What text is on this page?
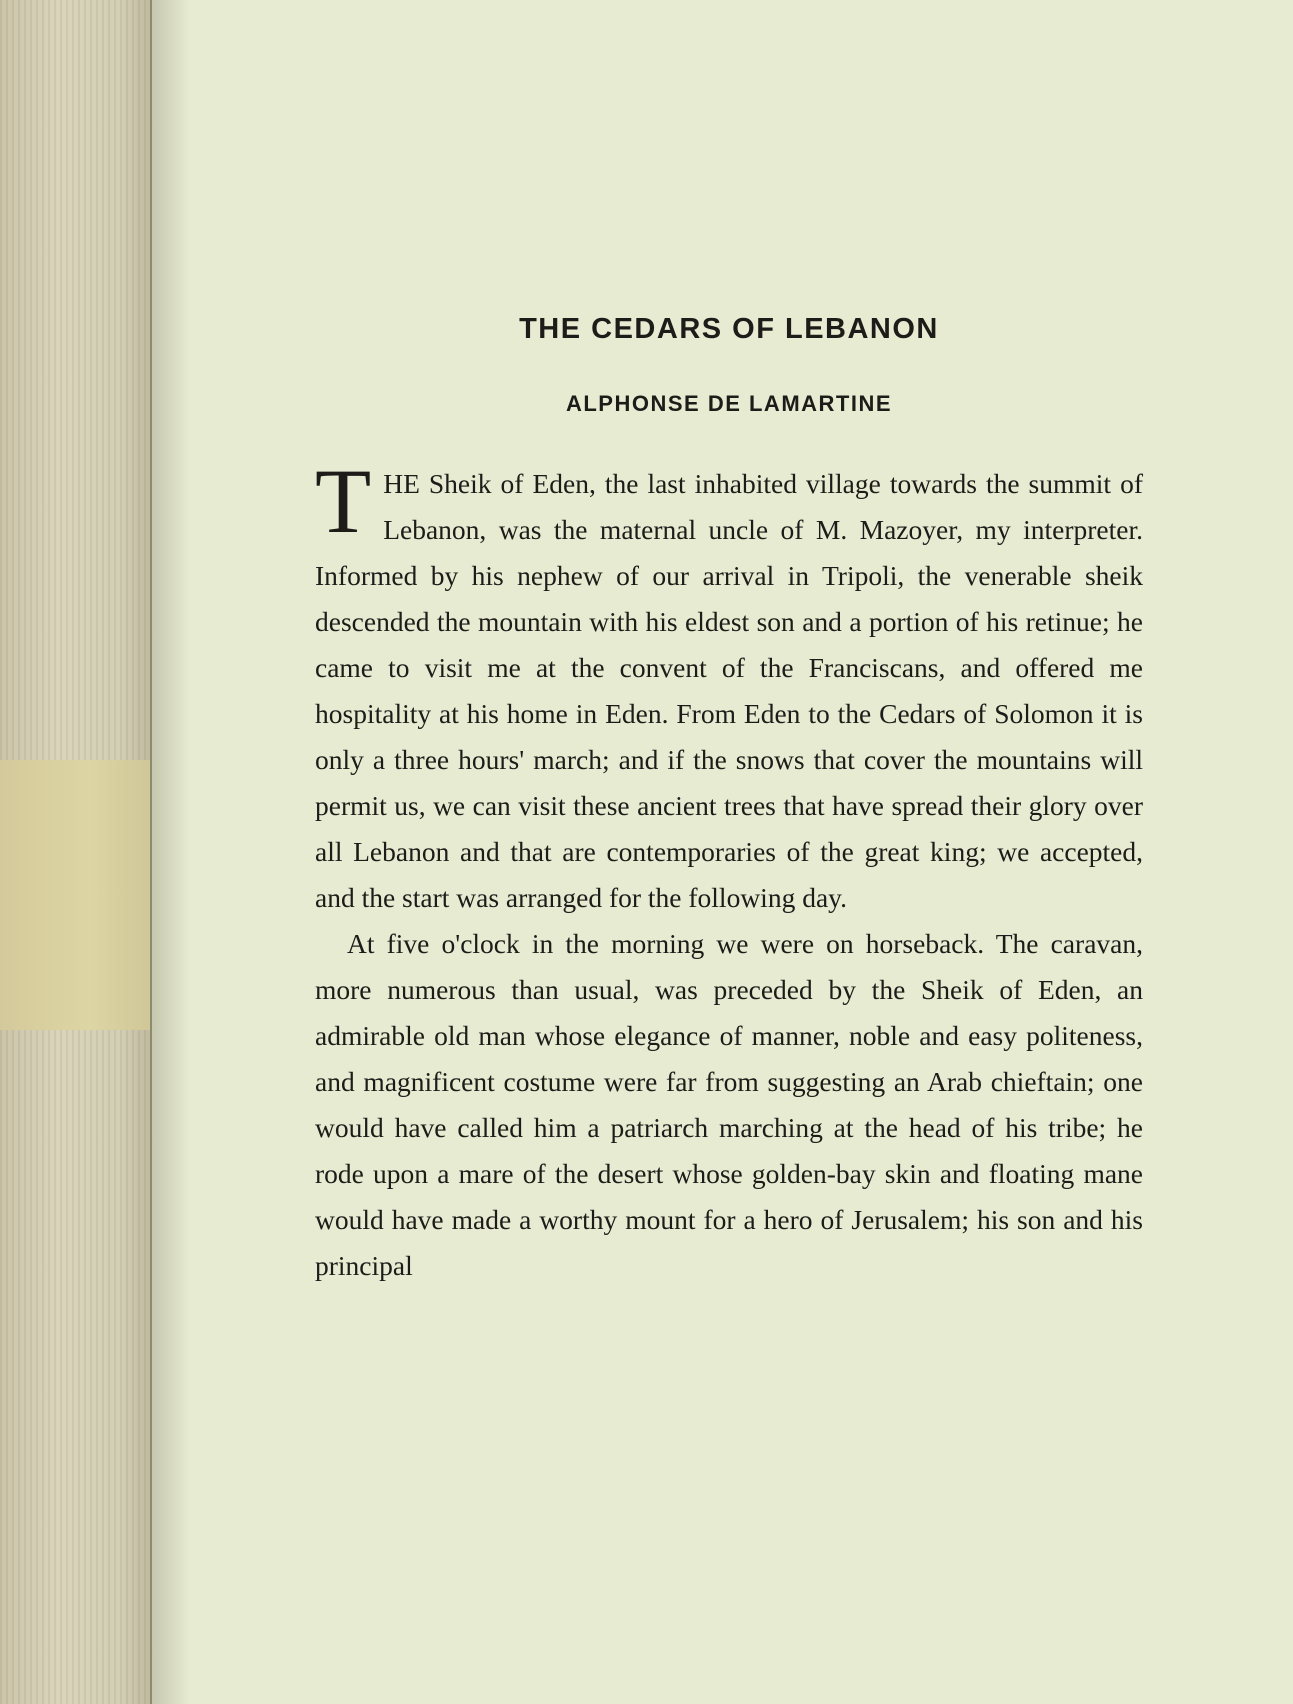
THE CEDARS OF LEBANON
ALPHONSE DE LAMARTINE

THE Sheik of Eden, the last inhabited village towards the summit of Lebanon, was the maternal uncle of M. Mazoyer, my interpreter. Informed by his nephew of our arrival in Tripoli, the venerable sheik descended the mountain with his eldest son and a portion of his retinue; he came to visit me at the convent of the Franciscans, and offered me hospitality at his home in Eden. From Eden to the Cedars of Solomon it is only a three hours' march; and if the snows that cover the mountains will permit us, we can visit these ancient trees that have spread their glory over all Lebanon and that are contemporaries of the great king; we accepted, and the start was arranged for the following day.

At five o'clock in the morning we were on horseback. The caravan, more numerous than usual, was preceded by the Sheik of Eden, an admirable old man whose elegance of manner, noble and easy politeness, and magnificent costume were far from suggesting an Arab chieftain; one would have called him a patriarch marching at the head of his tribe; he rode upon a mare of the desert whose golden-bay skin and floating mane would have made a worthy mount for a hero of Jerusalem; his son and his principal
